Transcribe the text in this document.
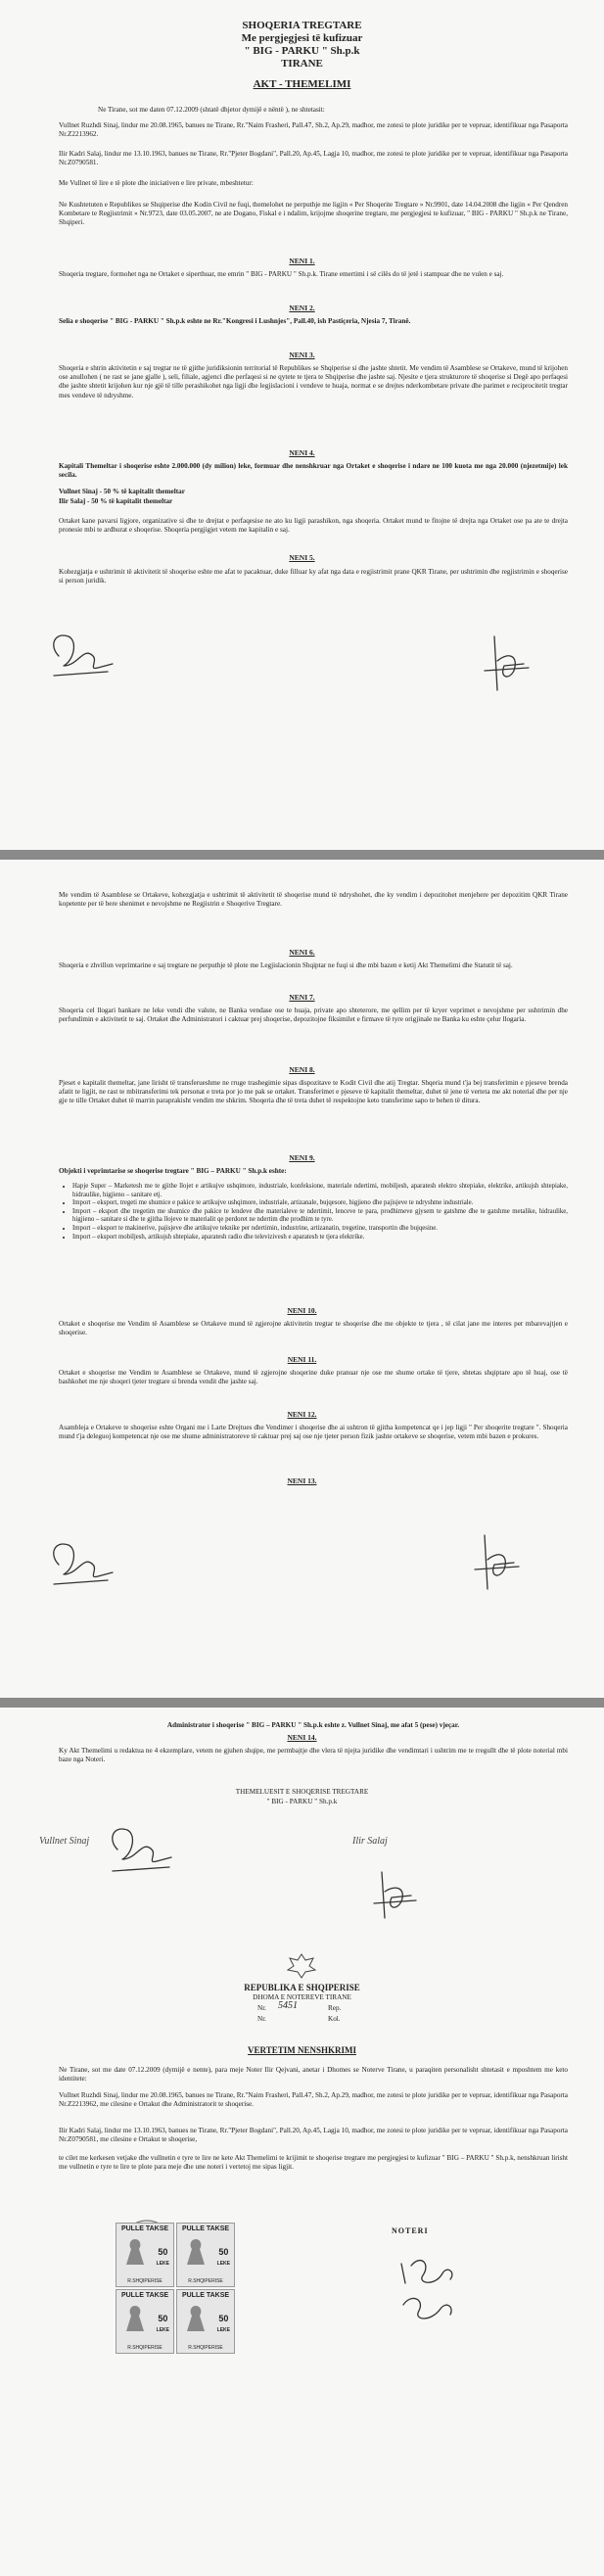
SHOQERIA TREGTARE
Me pergjegjesi të kufizuar
" BIG - PARKU " Sh.p.k
TIRANE
AKT - THEMELIMI
Ne Tirane, sot me daten 07.12.2009 (shtatë dhjetor dymijë e nëntë ), ne shtetasit:
Vullnet Ruzhdi Sinaj, lindur me 20.08.1965, banues ne Tirane, Rr."Naim Frasheri, Pall.47, Sh.2, Ap.29, madhor, me zotesi te plote juridike per te vepruar, identifikuar nga Pasaporta Nr.Z2213962.
Ilir Kadri Salaj, lindur me 13.10.1963, banues ne Tirane, Rr."Pjeter Bogdani", Pall.20, Ap.45, Lagja 10, madhor, me zotesi te plote juridike per te vepruar, identifikuar nga Pasaporta Nr.Z0790581.
Me Vullnet të lire e të plote dhe iniciativen e lire private, mbeshtetur:
Ne Kushtetuten e Republikes se Shqiperise dhe Kodin Civil ne fuqi, themelohet ne perputhje me ligjin « Per Shoqerite Tregtare » Nr.9901, date 14.04.2008 dhe ligjin « Per Qendren Kombetare te Regjistrimit » Nr.9723, date 03.05.2007, ne ate Dogano, Fiskal e i ndalim, krijojme shoqerine tregtare, me pergjegjesi te kufizuar, " BIG - PARKU " Sh.p.k ne Tirane, Shqiperi.
NENI 1.
Shoqeria tregtare, formohet nga ne Ortaket e siperthuar, me emrin " BIG - PARKU " Sh.p.k. Tirane emertimi i së cilës do të jetë i stampuar dhe ne vulen e saj.
NENI 2.
Selia e shoqerise " BIG - PARKU " Sh.p.k eshte ne Rr."Kongresi i Lushnjes", Pall.40, ish Pastiçeria, Njesia 7, Tiranë.
NENI 3.
Shoqeria e shtrin aktivitetin e saj tregtar ne të gjithe juridiksionin territorial të Republikes se Shqiperise si dhe jashte shtetit. Me vendim të Asamblese se Ortakeve, mund të krijohen ose anullohen ( ne rast se jane gjalle ), seli, filiale, agjenci dhe perfaqesi si ne qytete te tjera te Shqiperise dhe jashte saj. Njesite e tjera strukturore të shoqerise si Degë apo perfaqesi dhe jashte shtetit krijohen kur nje gjë të tille perashikohet nga ligji dhe legjislacioni i vendeve te huaja, normat e se drejtes nderkombetare private dhe parimet e reciprocitetit tregtar mes vendeve të ndryshme.
NENI 4.
Kapitali Themeltar i shoqerise eshte 2.000.000 (dy milion) leke, formuar dhe nenshkruar nga Ortaket e shoqerise i ndare ne 100 kuota me nga 20.000 (njezetmije) lek secila.
Vullnet Sinaj - 50 % të kapitalit themeltar
Ilir Salaj - 50 % të kapitalit themeltar
Ortaket kane pavarsi ligjore, organizative si dhe te drejtat e perfaqesise ne ato ku ligji parashikon, nga shoqeria. Ortaket mund te fitojne të drejta nga Ortaket ose pa ate te drejta pronesie mbi te ardhurat e shoqerise. Shoqeria pergjigjet vetem me kapitalin e saj.
NENI 5.
Kohezgjatja e ushtrimit të aktivitetit të shoqerise eshte me afat te pacaktuar, duke filluar ky afat nga data e regjistrimit prane QKR Tirane, per ushtrimin dhe regjistrimin e shoqerise si person juridik.
Me vendim të Asamblese se Ortakeve, kohezgjatja e ushtrimit të aktivitetit të shoqerise mund të ndryshohet, dhe ky vendim i depozitohet menjehere per depozitim QKR Tirane kopetente per të bere shenimet e nevojshme ne Regjistrin e Shoqerive Tregtare.
NENI 6.
Shoqeria e zhvillon veprimtarine e saj tregtare ne perputhje të plote me Legjislacionin Shqiptar ne fuqi si dhe mbi bazen e ketij Akt Themelimi dhe Statutit të saj.
NENI 7.
Shoqeria cel llogari bankare ne leke vendi dhe valute, ne Banka vendase ose te huaja, private apo shteterore, me qellim per të kryer veprimet e nevojshme per ushtrimin dhe perfundimin e aktivitetit te saj. Ortaket dhe Administratori i caktuar prej shoqerise, depozitojne fiksimilet e firmave të tyre origjinale ne Banka ku eshte çelur llogaria.
NENI 8.
Pjeset e kapitalit themeltar, jane lirisht të transferueshme ne rruge trashegimie sipas dispozitave te Kodit Civil dhe atij Tregtar. Shqeria mund t'ja bej transferimin e pjeseve brenda afatit te ligjit, ne rast te mbitransferimi tek personat e treta por jo me pak se ortaket. Transferimet e pjeseve të kapitalit themeltar, duhet të jene të verteta me akt noterial dhe per nje gje te tille Ortaket duhet të marrin paraprakisht vendim me shkrim. Shoqeria dhe të treta duhet të respektojne keto transferime sapo te behen të ditura.
NENI 9.
Objekti i veprimtarise se shoqerise tregtare " BIG – PARKU " Sh.p.k eshte:
• Hapje Super – Marketesh me te gjithe llojet e artikujve ushqimore, industriale, konfeksione, materiale ndertimi, mobiljesh, aparatesh elektro shtepiake, elektrike, artikujsh shtepiake, hidraulike, higjieno – sanitare etj.
• Import – eksport, tregeti me shumice e pakice te artikujve ushqimore, industriale, artizanale, bujqesore, higjieno dhe pajisjeve te ndryshme industriale.
• Import – eksport dhe tregetim me shumice dhe pakice te lendeve dhe materialeve te ndertimit, lenceve te para, prodhimeve gjysem te gatshme dhe te gatshme metalike, hidraulike, higjieno – sanitare si dhe te gjitha llojeve te materialit qe perdoret ne ndertim dhe prodhim te tyre.
• Import – eksport te makinerive, pajisjeve dhe artikujve teknike per ndertimin, industrine, artizanatin, tregetine, transportin dhe bujqesine.
• Import – eksport mobiljesh, artikujsh shtepiake, aparatesh radio dhe televizivesh e aparatesh te tjera elektrike.
NENI 10.
Ortaket e shoqerise me Vendim të Asamblese se Ortakeve mund të zgjerojne aktivitetin tregtar te shoqerise dhe me objekte te tjera , të cilat jane me interes per mbarevajtjen e shoqerise.
NENI 11.
Ortaket e shoqerise me Vendim te Asamblese se Ortakeve, mund të zgjerojne shoqerine duke pranuar nje ose me shume ortake të tjere, shtetas shqiptare apo të huaj, ose të bashkohet me nje shoqeri tjeter tregtare si brenda vendit dhe jashte saj.
NENI 12.
Asambleja e Ortakeve te shoqerise eshte Organi me i Larte Drejtues dhe Vendimer i shoqerise dhe ai ushtron të gjitha kompetencat qe i jep ligji " Per shoqerite tregtare ". Shoqeria mund t'ja deleguoj kompetencat nje ose me shume administratoreve të caktuar prej saj ose nje tjeter person fizik jashte ortakeve se shoqerise, vetem mbi bazen e prokures.
NENI 13.
Administrator i shoqerise " BIG – PARKU " Sh.p.k eshte z. Vullnet Sinaj, me afat 5 (pese) vjeçar.
NENI 14.
Ky Akt Themelimi u redaktua ne 4 ekzemplare, vetem ne gjuhen shqipe, me permbajtje dhe vlera të njejta juridike dhe vendimtari i ushtrim me te rregullt dhe të plote noterial mbi baze nga Noteri.
THEMELUESIT E SHOQERISE TREGTARE
" BIG - PARKU " Sh.p.k
Vullnet Sinaj	Ilir Salaj
REPUBLIKA E SHQIPERISE
DHOMA E NOTEREVE TIRANE
Nr.	5451	Rep.
Nr.	Kol.
VERTETIM NENSHKRIMI
Ne Tirane, sot me date 07.12.2009 (dymijë e nente), para meje Noter Ilir Qejvani, anetar i Dhomes se Noterve Tirane, u paraqiten personalisht shtetasit e mposhtem me keto identitete:
Vullnet Ruzhdi Sinaj, lindur me 20.08.1965, banues ne Tirane, Rr."Naim Frasheri, Pall.47, Sh.2, Ap.29, madhor, me zotesi te plote juridike per te vepruar, identifikuar nga Pasaporta Nr.Z2213962, me cilesine e Ortakut dhe Administratorit te shoqerise.
Ilir Kadri Salaj, lindur me 13.10.1963, banues ne Tirane, Rr."Pjeter Bogdani", Pall.20, Ap.45, Lagja 10, madhor, me zotesi te plote juridike per te vepruar, identifikuar nga Pasaporta Nr.Z0790581, me cilesine e Ortakut te shoqerise,
te cilet me kerkesen vetjake dhe vullnetin e tyre te lire ne kete Akt Themelimi te krijimit te shoqerise tregtare me pergjegjesi te kufizuar " BIG – PARKU " Sh.p.k, nenshkruan lirisht me vullnetin e tyre te lire te plote para meje dhe une noteri i vertetoj me sipas ligjit.
PULLE TAKSE
50
LEKE
R.SHQIPERISE
PULLE TAKSE
50
LEKE
R.SHQIPERISE
PULLE TAKSE
50
LEKE
R.SHQIPERISE
PULLE TAKSE
50
LEKE
R.SHQIPERISE
NOTERI
